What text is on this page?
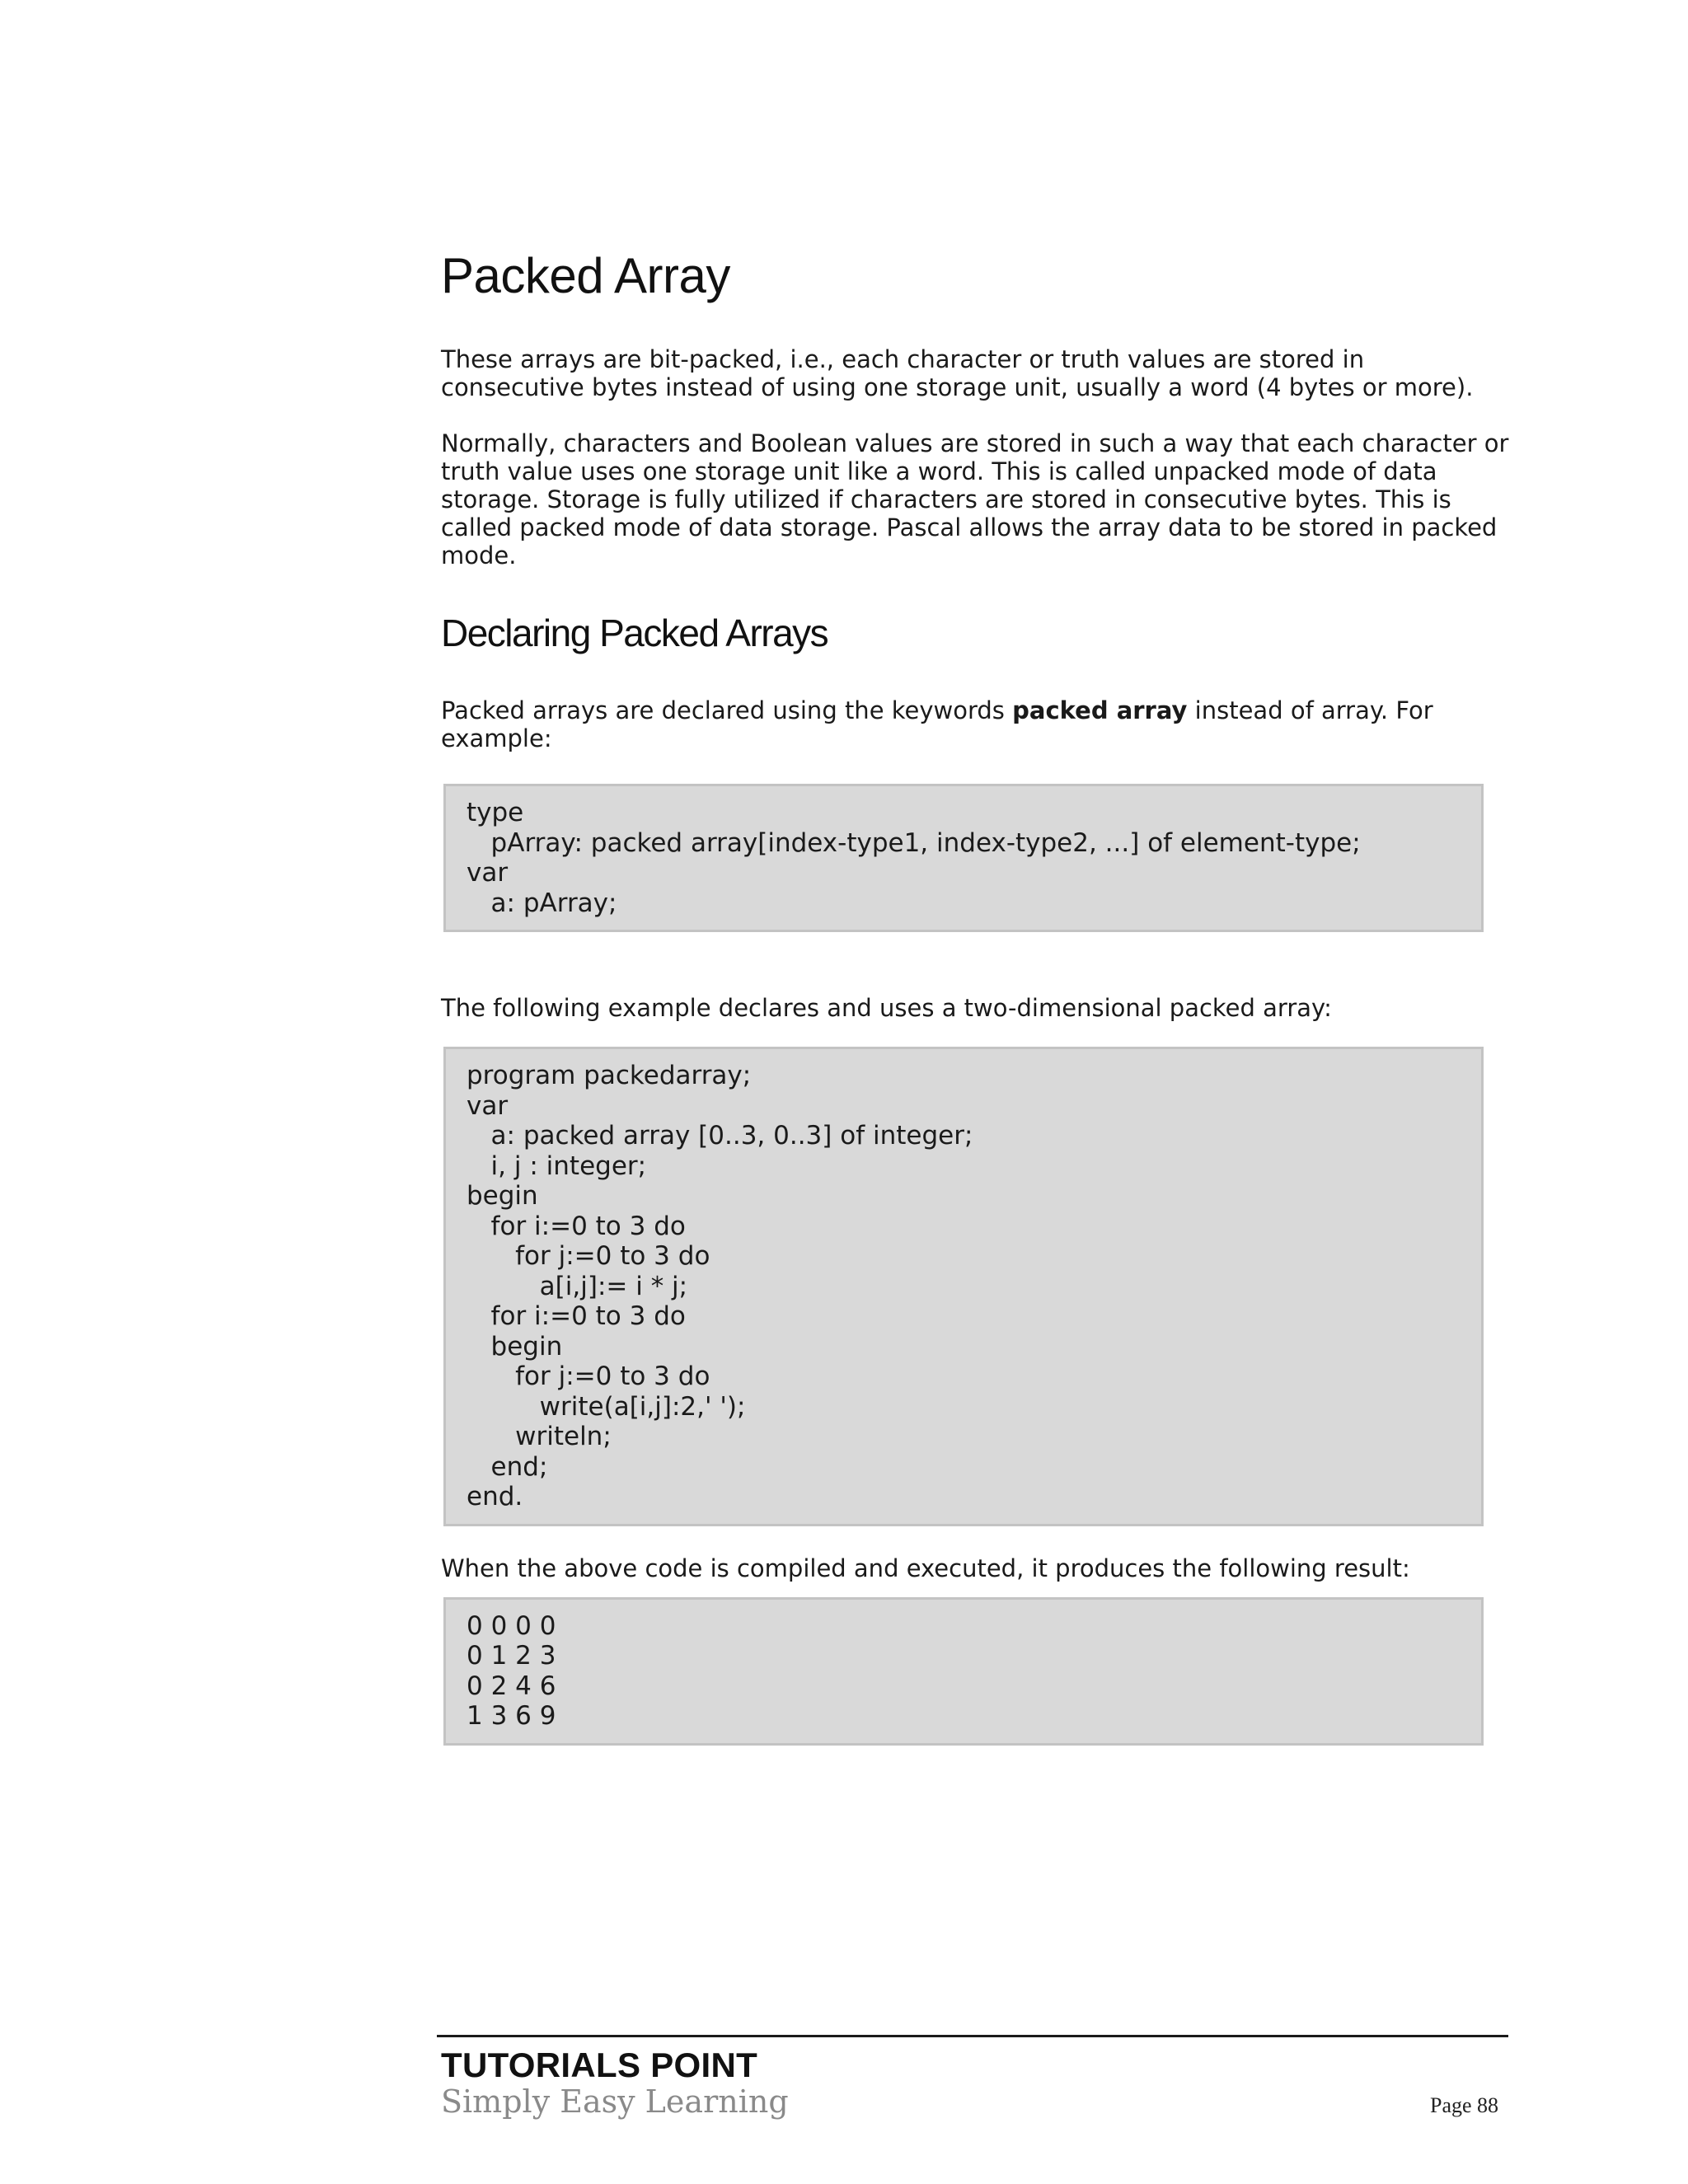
Packed Array

These arrays are bit-packed, i.e., each character or truth values are stored in consecutive bytes instead of using one storage unit, usually a word (4 bytes or more).

Normally, characters and Boolean values are stored in such a way that each character or truth value uses one storage unit like a word. This is called unpacked mode of data storage. Storage is fully utilized if characters are stored in consecutive bytes. This is called packed mode of data storage. Pascal allows the array data to be stored in packed mode.

Declaring Packed Arrays

Packed arrays are declared using the keywords packed array instead of array. For example:

type
pArray: packed array[index-type1, index-type2, ...] of element-type;
var
a: pArray;

The following example declares and uses a two-dimensional packed array:

program packedarray;
var
a: packed array [0..3, 0..3] of integer;
i, j : integer;
begin
for i:=0 to 3 do
for j:=0 to 3 do
a[i,j]:= i * j;
for i:=0 to 3 do
begin
for j:=0 to 3 do
write(a[i,j]:2,' ');
writeln;
end;
end.

When the above code is compiled and executed, it produces the following result:

0 0 0 0
0 1 2 3
0 2 4 6
1 3 6 9
TUTORIALS POINT
Simply Easy Learning	Page 88
